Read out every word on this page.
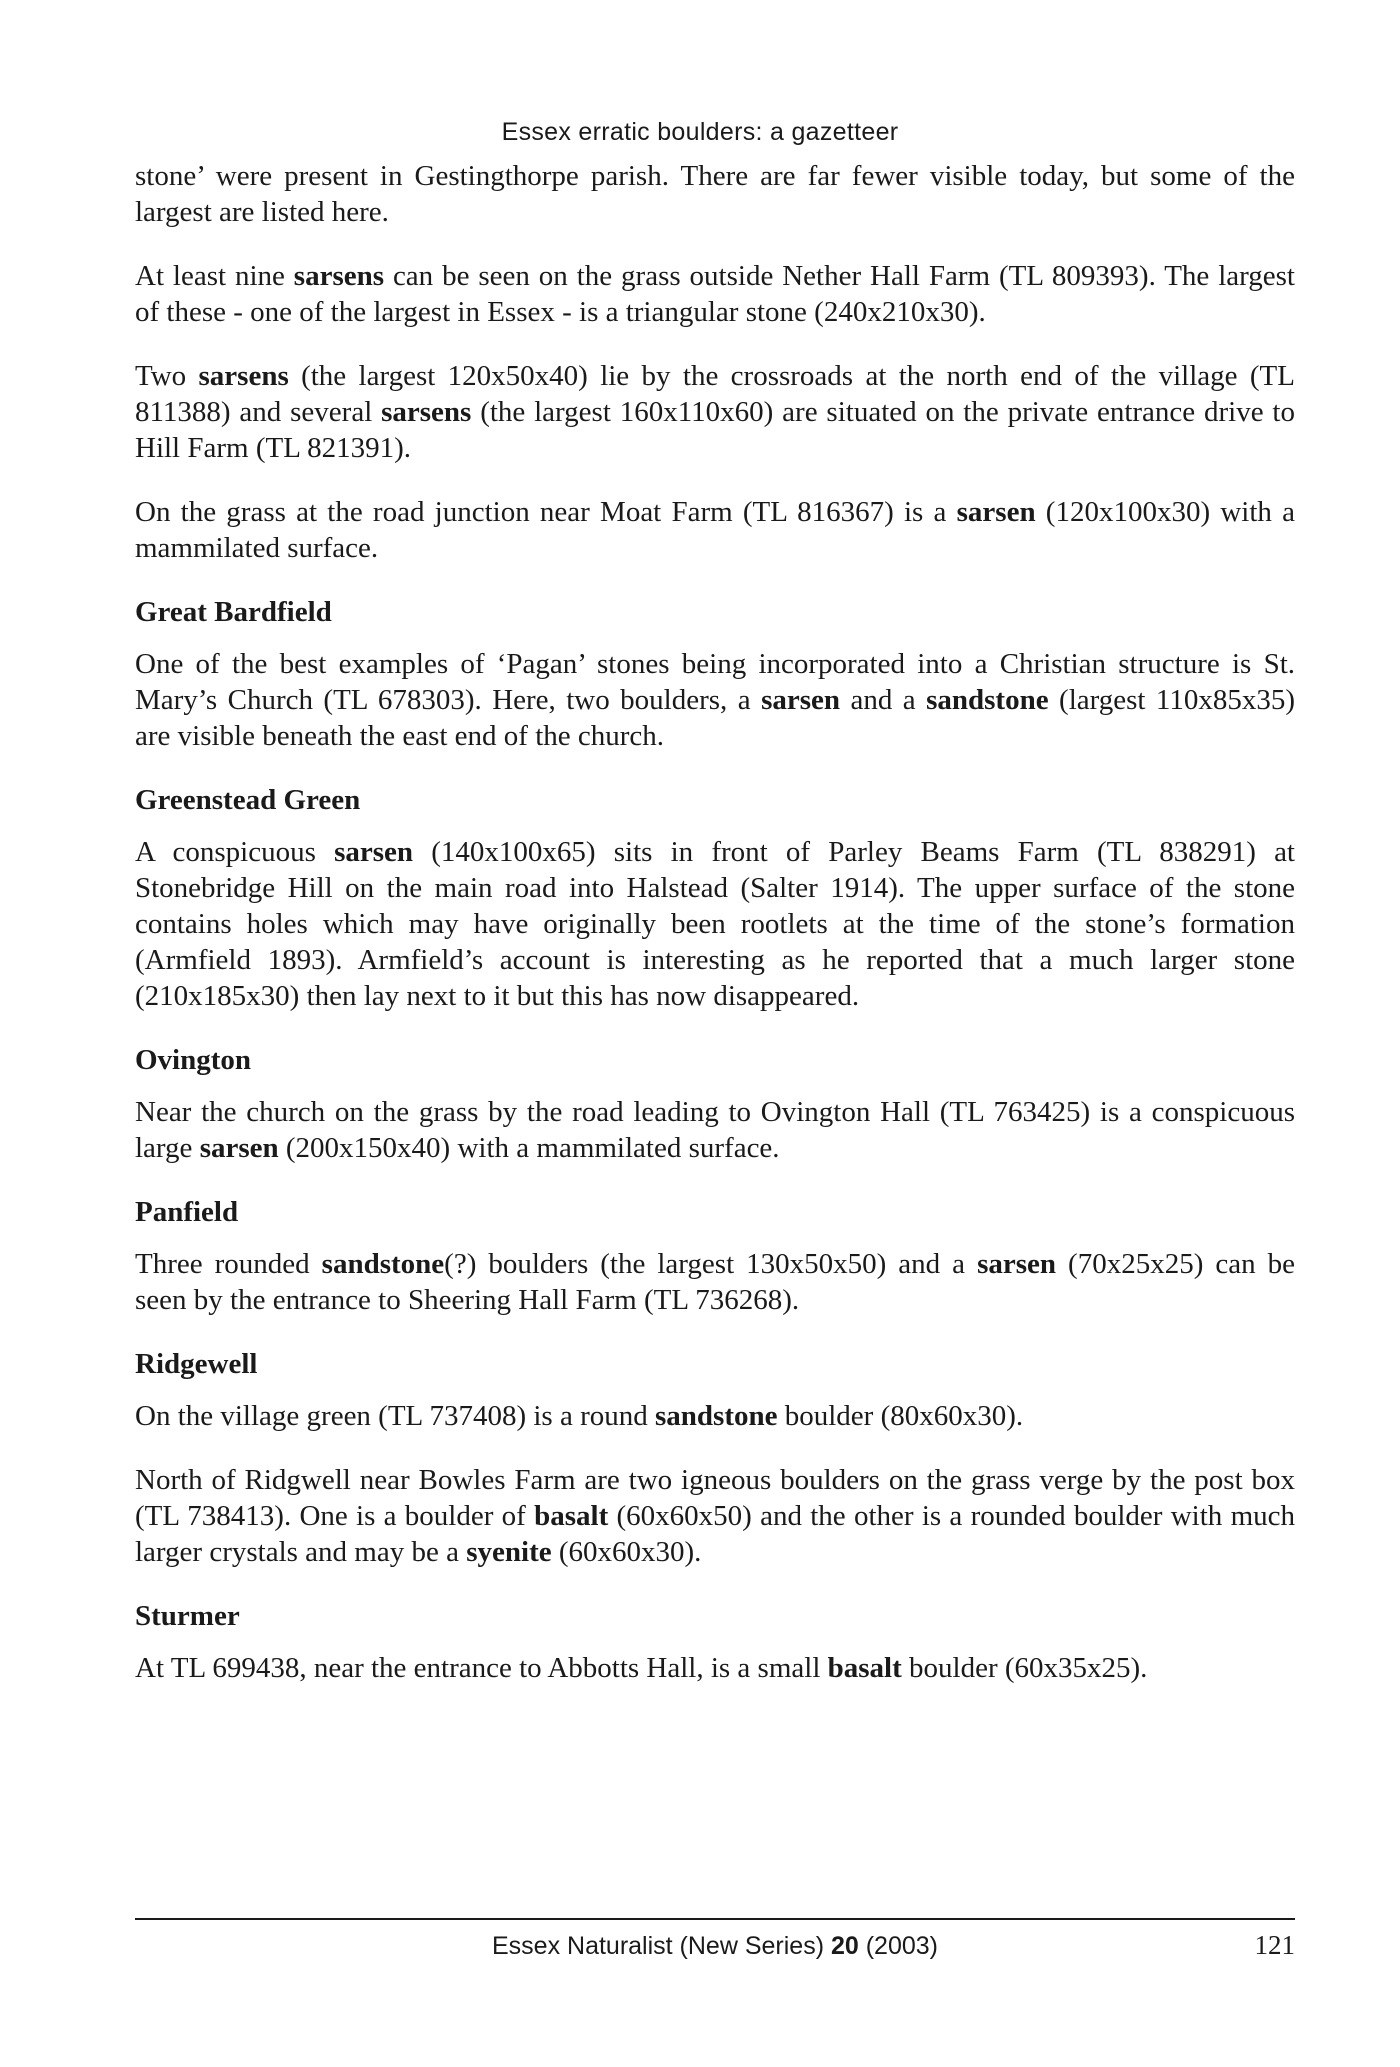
Essex erratic boulders: a gazetteer

stone’ were present in Gestingthorpe parish. There are far fewer visible today, but some of the largest are listed here.

At least nine sarsens can be seen on the grass outside Nether Hall Farm (TL 809393). The largest of these - one of the largest in Essex - is a triangular stone (240x210x30).

Two sarsens (the largest 120x50x40) lie by the crossroads at the north end of the village (TL 811388) and several sarsens (the largest 160x110x60) are situated on the private entrance drive to Hill Farm (TL 821391).

On the grass at the road junction near Moat Farm (TL 816367) is a sarsen (120x100x30) with a mammilated surface.

Great Bardfield

One of the best examples of ‘Pagan’ stones being incorporated into a Christian structure is St. Mary’s Church (TL 678303). Here, two boulders, a sarsen and a sandstone (largest 110x85x35) are visible beneath the east end of the church.

Greenstead Green

A conspicuous sarsen (140x100x65) sits in front of Parley Beams Farm (TL 838291) at Stonebridge Hill on the main road into Halstead (Salter 1914). The upper surface of the stone contains holes which may have originally been rootlets at the time of the stone’s formation (Armfield 1893). Armfield’s account is interesting as he reported that a much larger stone (210x185x30) then lay next to it but this has now disappeared.

Ovington

Near the church on the grass by the road leading to Ovington Hall (TL 763425) is a conspicuous large sarsen (200x150x40) with a mammilated surface.

Panfield

Three rounded sandstone(?) boulders (the largest 130x50x50) and a sarsen (70x25x25) can be seen by the entrance to Sheering Hall Farm (TL 736268).

Ridgewell

On the village green (TL 737408) is a round sandstone boulder (80x60x30).

North of Ridgwell near Bowles Farm are two igneous boulders on the grass verge by the post box (TL 738413). One is a boulder of basalt (60x60x50) and the other is a rounded boulder with much larger crystals and may be a syenite (60x60x30).

Sturmer

At TL 699438, near the entrance to Abbotts Hall, is a small basalt boulder (60x35x25).

Essex Naturalist (New Series) 20 (2003)	121
